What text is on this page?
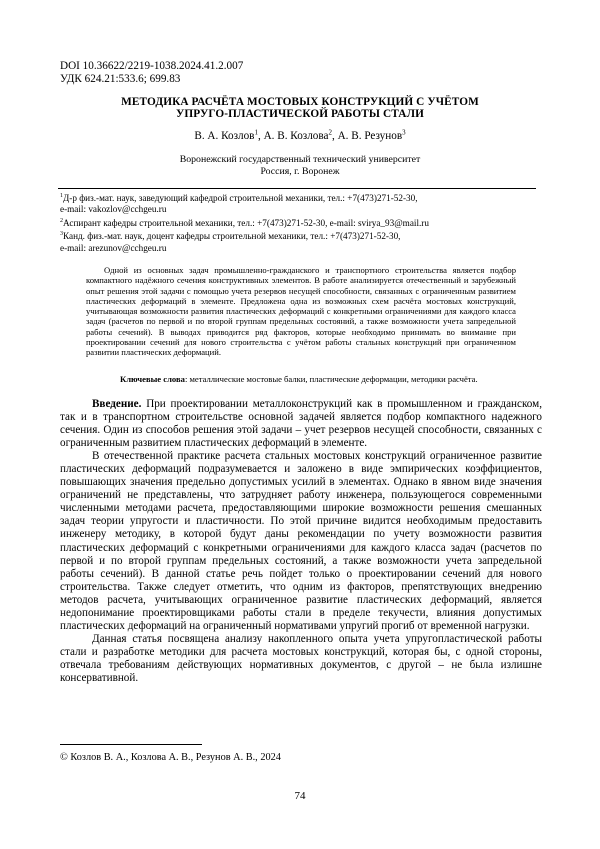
DOI 10.36622/2219-1038.2024.41.2.007
УДК 624.21:533.6; 699.83
МЕТОДИКА РАСЧЁТА МОСТОВЫХ КОНСТРУКЦИЙ С УЧЁТОМ
УПРУГО-ПЛАСТИЧЕСКОЙ РАБОТЫ СТАЛИ
В. А. Козлов$^1$, А. В. Козлова$^2$, А. В. Резунов$^3$
Воронежский государственный технический университет
Россия, г. Воронеж
$^1$Д-р физ.-мат. наук, заведующий кафедрой строительной механики, тел.: +7(473)271-52-30,
e-mail: vakozlov@cchgeu.ru
$^2$Аспирант кафедры строительной механики, тел.: +7(473)271-52-30, e-mail: svirya_93@mail.ru
$^3$Канд. физ.-мат. наук, доцент кафедры строительной механики, тел.: +7(473)271-52-30,
e-mail: arezunov@cchgeu.ru
Одной из основных задач промышленно-гражданского и транспортного строительства является подбор компактного надёжного сечения конструктивных элементов. В работе анализируется отечественный и зарубежный опыт решения этой задачи с помощью учета резервов несущей способности, связанных с ограниченным развитием пластических деформаций в элементе. Предложена одна из возможных схем расчёта мостовых конструкций, учитывающая возможности развития пластических деформаций с конкретными ограничениями для каждого класса задач (расчетов по первой и по второй группам предельных состояний, а также возможности учета запредельной работы сечений). В выводах приводится ряд факторов, которые необходимо принимать во внимание при проектировании сечений для нового строительства с учётом работы стальных конструкций при ограниченном развитии пластических деформаций.
Ключевые слова: металлические мостовые балки, пластические деформации, методики расчёта.

Введение. При проектировании металлоконструкций как в промышленном и гражданском, так и в транспортном строительстве основной задачей является подбор компактного надежного сечения. Один из способов решения этой задачи – учет резервов несущей способности, связанных с ограниченным развитием пластических деформаций в элементе.

В отечественной практике расчета стальных мостовых конструкций ограниченное развитие пластических деформаций подразумевается и заложено в виде эмпирических коэффициентов, повышающих значения предельно допустимых усилий в элементах. Однако в явном виде значения ограничений не представлены, что затрудняет работу инженера, пользующегося современными численными методами расчета, предоставляющими широкие возможности решения смешанных задач теории упругости и пластичности. По этой причине видится необходимым предоставить инженеру методику, в которой будут даны рекомендации по учету возможности развития пластических деформаций с конкретными ограничениями для каждого класса задач (расчетов по первой и по второй группам предельных состояний, а также возможности учета запредельной работы сечений). В данной статье речь пойдет только о проектировании сечений для нового строительства. Также следует отметить, что одним из факторов, препятствующих внедрению методов расчета, учитывающих ограниченное развитие пластических деформаций, является недопонимание проектировщиками работы стали в пределе текучести, влияния допустимых пластических деформаций на ограниченный нормативами упругий прогиб от временной нагрузки.

Данная статья посвящена анализу накопленного опыта учета упругопластической работы стали и разработке методики для расчета мостовых конструкций, которая бы, с одной стороны, отвечала требованиям действующих нормативных документов, с другой – не была излишне консервативной.

© Козлов В. А., Козлова А. В., Резунов А. В., 2024
74
